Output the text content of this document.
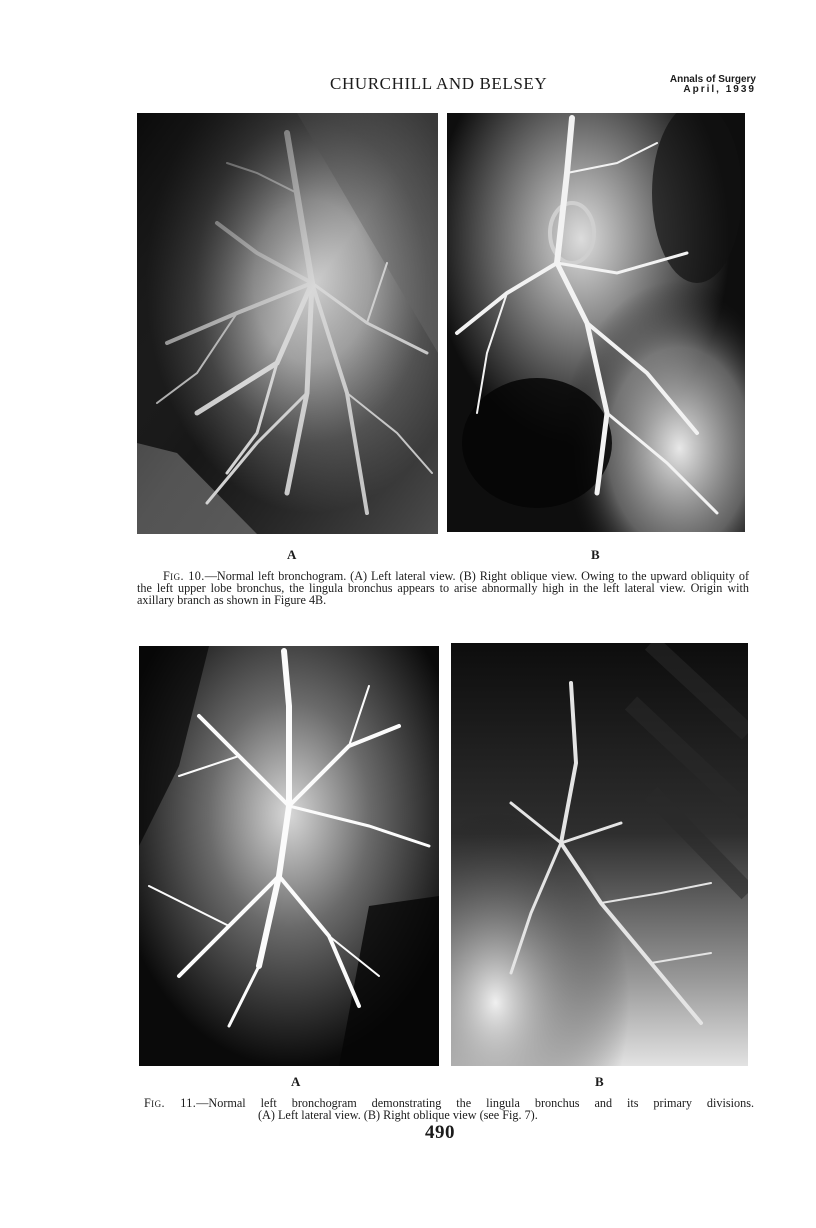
CHURCHILL AND BELSEY	Annals of Surgery
April, 1939
A	B
Fig. 10.—Normal left bronchogram. (A) Left lateral view. (B) Right oblique view. Owing to the upward obliquity of the left upper lobe bronchus, the lingula bronchus appears to arise abnormally high in the left lateral view. Origin with axillary branch as shown in Figure 4B.
A	B
Fig. 11.—Normal left bronchogram demonstrating the lingula bronchus and its primary divisions.
(A) Left lateral view. (B) Right oblique view (see Fig. 7).
490
